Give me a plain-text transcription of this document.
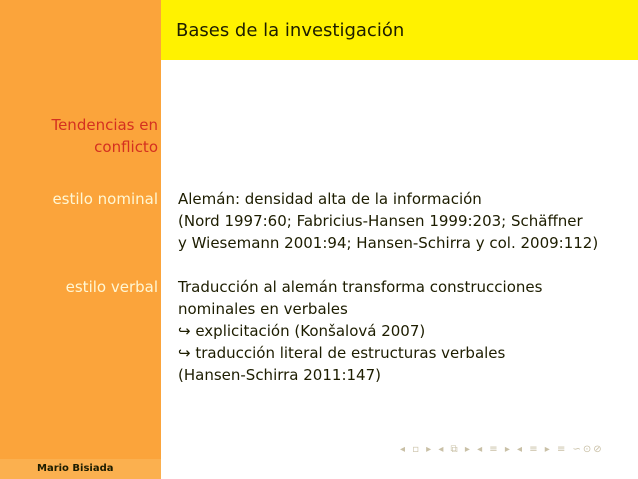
Bases de la investigación
Tendencias en
conflicto
estilo nominal
estilo verbal
Alemán: densidad alta de la información
(Nord 1997:60; Fabricius-Hansen 1999:203; Schäffner
y Wiesemann 2001:94; Hansen-Schirra y col. 2009:112)
Traducción al alemán transforma construcciones
nominales en verbales
↪ explicitación (Konšalová 2007)
↪ traducción literal de estructuras verbales
(Hansen-Schirra 2011:147)
Mario Bisiada
◂ ▫ ▸ ◂ ⧉ ▸ ◂ ≡ ▸ ◂ ≡ ▸ ≡ ∽⊙⊘
